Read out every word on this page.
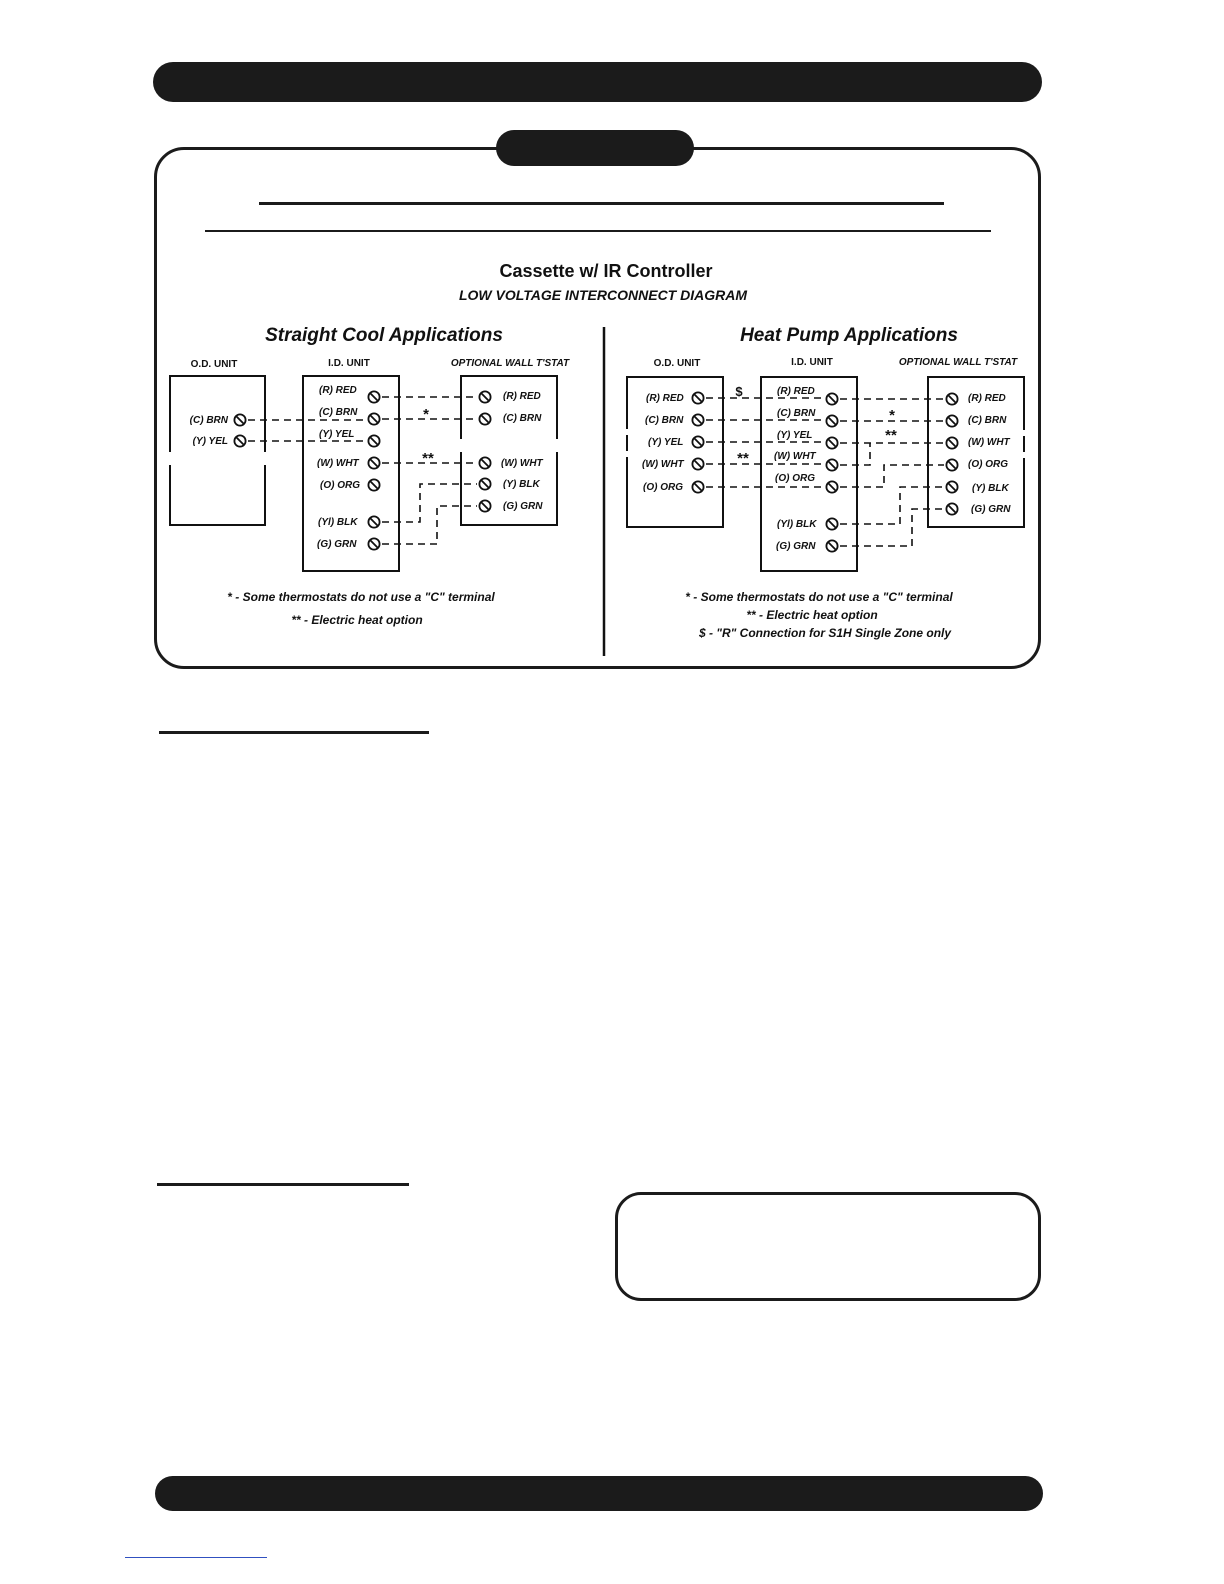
Cassette w/ IR Controller
LOW VOLTAGE INTERCONNECT DIAGRAM
Straight Cool Applications
O.D. UNIT	I.D. UNIT	OPTIONAL WALL T'STAT
(C) BRN
(Y) YEL
(R) RED
(C) BRN
(Y) YEL
(W) WHT
(O) ORG
(Yl) BLK
(G) GRN
(R) RED
(C) BRN
(W) WHT
(Y) BLK
(G) GRN
*
**
* - Some thermostats do not use a "C" terminal
** - Electric heat option
Heat Pump Applications
O.D. UNIT	I.D. UNIT	OPTIONAL WALL T'STAT
(R) RED
(C) BRN
(Y) YEL
(W) WHT
(O) ORG
(R) RED
(C) BRN
(Y) YEL
(W) WHT
(O) ORG
(Yl) BLK
(G) GRN
(R) RED
(C) BRN
(W) WHT
(O) ORG
(Y) BLK
(G) GRN
$
**
*
**
* - Some thermostats do not use a "C" terminal
** - Electric heat option
$ - "R" Connection for S1H Single Zone only
